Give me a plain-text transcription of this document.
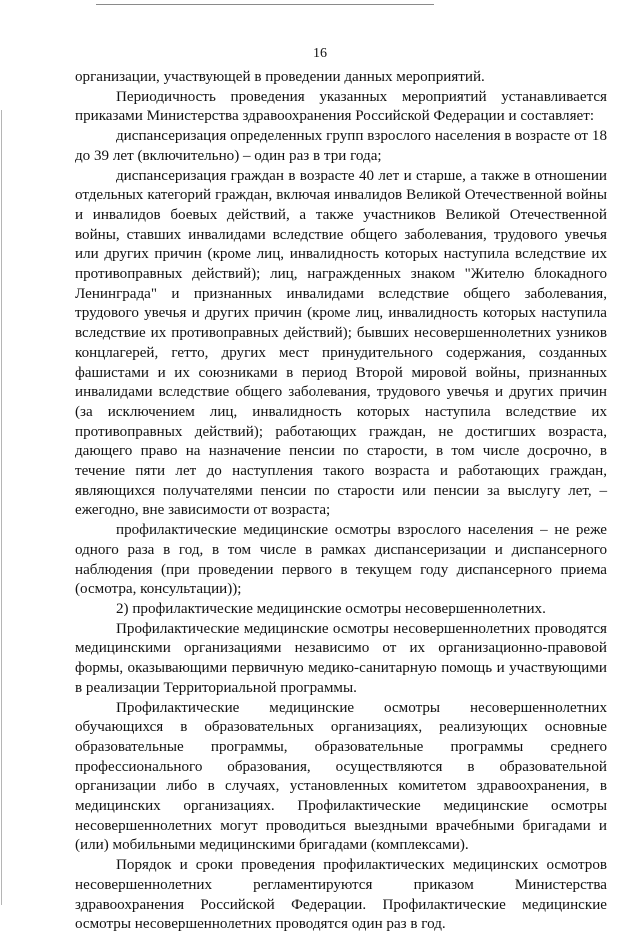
16

организации, участвующей в проведении данных мероприятий.

Периодичность проведения указанных мероприятий устанавливается приказами Министерства здравоохранения Российской Федерации и составляет:

диспансеризация определенных групп взрослого населения в возрасте от 18 до 39 лет (включительно) – один раз в три года;

диспансеризация граждан в возрасте 40 лет и старше, а также в отношении отдельных категорий граждан, включая инвалидов Великой Отечественной войны и инвалидов боевых действий, а также участников Великой Отечественной войны, ставших инвалидами вследствие общего заболевания, трудового увечья или других причин (кроме лиц, инвалидность которых наступила вследствие их противоправных действий); лиц, награжденных знаком "Жителю блокадного Ленинграда" и признанных инвалидами вследствие общего заболевания, трудового увечья и других причин (кроме лиц, инвалидность которых наступила вследствие их противоправных действий); бывших несовершеннолетних узников концлагерей, гетто, других мест принудительного содержания, созданных фашистами и их союзниками в период Второй мировой войны, признанных инвалидами вследствие общего заболевания, трудового увечья и других причин (за исключением лиц, инвалидность которых наступила вследствие их противоправных действий); работающих граждан, не достигших возраста, дающего право на назначение пенсии по старости, в том числе досрочно, в течение пяти лет до наступления такого возраста и работающих граждан, являющихся получателями пенсии по старости или пенсии за выслугу лет, – ежегодно, вне зависимости от возраста;

профилактические медицинские осмотры взрослого населения – не реже одного раза в год, в том числе в рамках диспансеризации и диспансерного наблюдения (при проведении первого в текущем году диспансерного приема (осмотра, консультации));

2) профилактические медицинские осмотры несовершеннолетних.

Профилактические медицинские осмотры несовершеннолетних проводятся медицинскими организациями независимо от их организационно-правовой формы, оказывающими первичную медико-санитарную помощь и участвующими в реализации Территориальной программы.

Профилактические медицинские осмотры несовершеннолетних обучающихся в образовательных организациях, реализующих основные образовательные программы, образовательные программы среднего профессионального образования, осуществляются в образовательной организации либо в случаях, установленных комитетом здравоохранения, в медицинских организациях. Профилактические медицинские осмотры несовершеннолетних могут проводиться выездными врачебными бригадами и (или) мобильными медицинскими бригадами (комплексами).

Порядок и сроки проведения профилактических медицинских осмотров несовершеннолетних регламентируются приказом Министерства здравоохранения Российской Федерации. Профилактические медицинские осмотры несовершеннолетних проводятся один раз в год.
